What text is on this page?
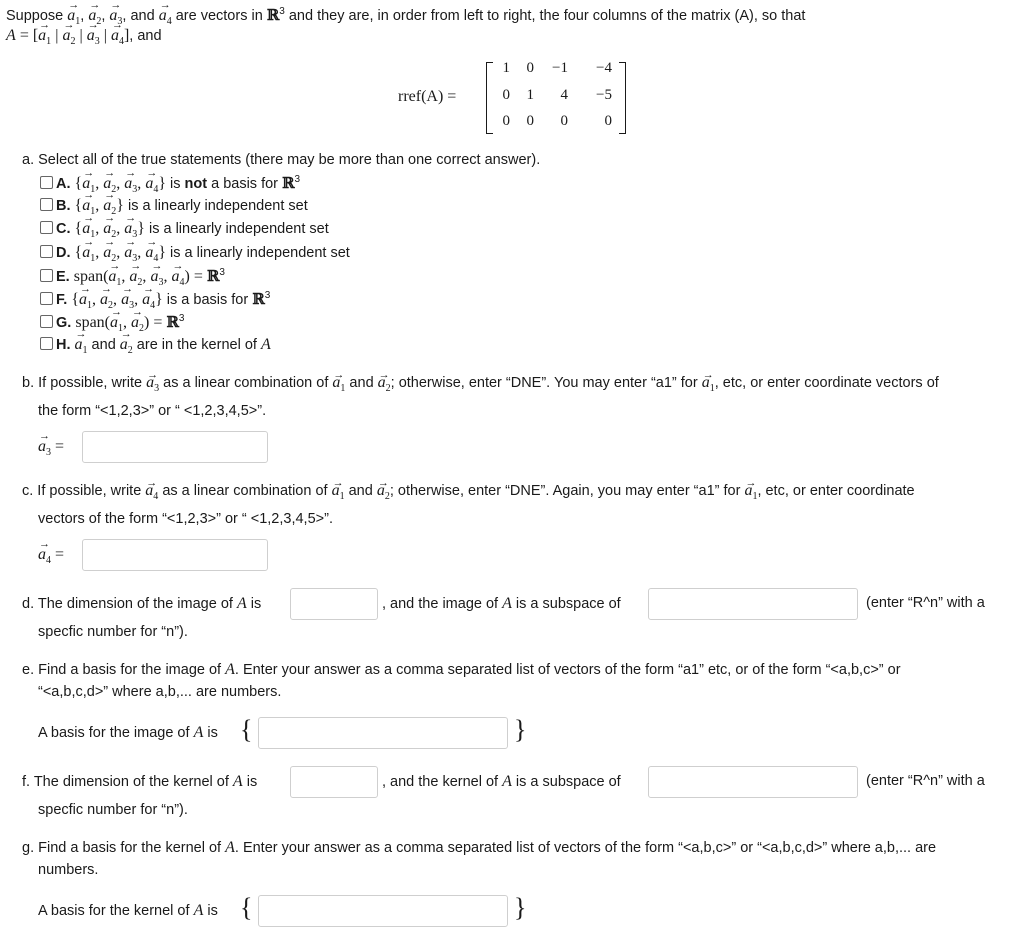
Suppose → $a_1$, → $a_2$, → $a_3$, and → $a_4$ are vectors in ℝ$^3$ and they are, in order from left to right, the four columns of the matrix (A), so that
A = [→ $a_1$ | → $a_2$ | → $a_3$ | → $a_4$], and
rref(A) =
1	0	−1	−4
0	1	4	−5
0	0	0	0
a. Select all of the true statements (there may be more than one correct answer).
A. {→ $a_1$, → $a_2$, → $a_3$, → $a_4$} is not a basis for ℝ$^3$
B. {→ $a_1$, → $a_2$} is a linearly independent set
C. {→ $a_1$, → $a_2$, → $a_3$} is a linearly independent set
D. {→ $a_1$, → $a_2$, → $a_3$, → $a_4$} is a linearly independent set
E. span(→ $a_1$, → $a_2$, → $a_3$, → $a_4$) = ℝ$^3$
F. {→ $a_1$, → $a_2$, → $a_3$, → $a_4$} is a basis for ℝ$^3$
G. span(→ $a_1$, → $a_2$) = ℝ$^3$
H. → $a_1$ and → $a_2$ are in the kernel of A
b. If possible, write → $a_3$ as a linear combination of → $a_1$ and → $a_2$; otherwise, enter “DNE”. You may enter “a1” for → $a_1$, etc, or enter coordinate vectors of
the form “<1,2,3>” or “ <1,2,3,4,5>”.
→ $a_3$ =
c. If possible, write → $a_4$ as a linear combination of → $a_1$ and → $a_2$; otherwise, enter “DNE”. Again, you may enter “a1” for → $a_1$, etc, or enter coordinate
vectors of the form “<1,2,3>” or “ <1,2,3,4,5>”.
→ $a_4$ =
d. The dimension of the image of A is	, and the image of A is a subspace of	(enter “R^n” with a
specfic number for “n”).
e. Find a basis for the image of A. Enter your answer as a comma separated list of vectors of the form “a1” etc, or of the form “<a,b,c>” or
“<a,b,c,d>” where a,b,... are numbers.
A basis for the image of A is {	}
f. The dimension of the kernel of A is	, and the kernel of A is a subspace of	(enter “R^n” with a
specfic number for “n”).
g. Find a basis for the kernel of A. Enter your answer as a comma separated list of vectors of the form “<a,b,c>” or “<a,b,c,d>” where a,b,... are
numbers.
A basis for the kernel of A is {	}
